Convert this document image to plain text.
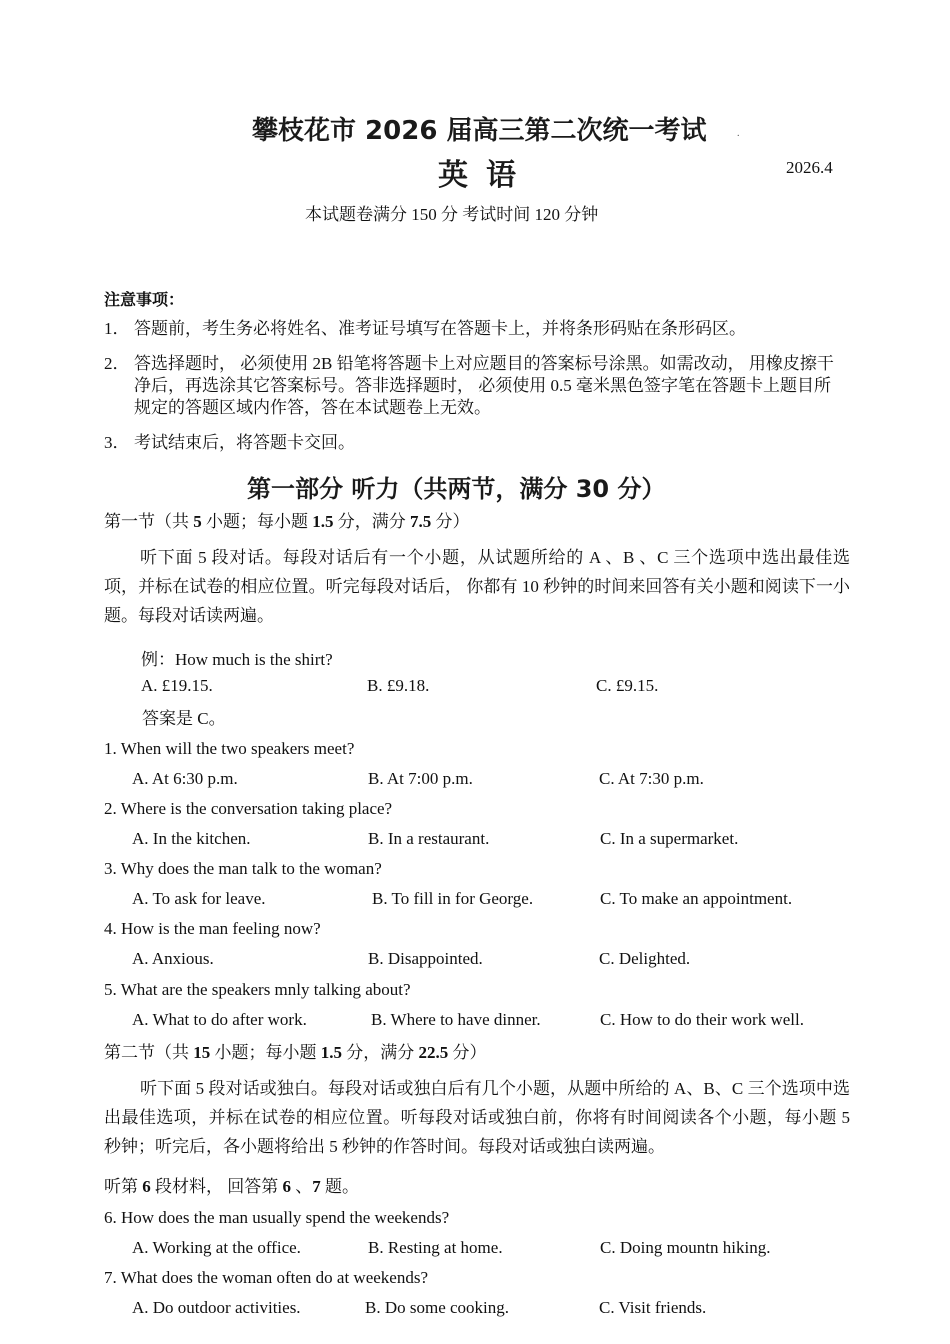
攀枝花市 2026 届高三第二次统一考试	.
英语	2026.4
本试题卷满分 150 分 考试时间 120 分钟
注意事项：
1． 答题前，考生务必将姓名、准考证号填写在答题卡上，并将条形码贴在条形码区。
2． 答选择题时， 必须使用 2B 铅笔将答题卡上对应题目的答案标号涂黑。如需改动， 用橡皮擦干净后，再选涂其它答案标号。答非选择题时， 必须使用 0.5 毫米黑色签字笔在答题卡上题目所规定的答题区域内作答，答在本试题卷上无效。
3． 考试结束后，将答题卡交回。
第一部分 听力（共两节，满分 30 分）
第一节（共 5 小题；每小题 1.5 分，满分 7.5 分）
听下面 5 段对话。每段对话后有一个小题，从试题所给的 A 、B 、C 三个选项中选出最佳选项，并标在试卷的相应位置。听完每段对话后， 你都有 10 秒钟的时间来回答有关小题和阅读下一小题。每段对话读两遍。
例：How much is the shirt?
A. £19.15.	B. £9.18.	C. £9.15.
答案是 C。
1. When will the two speakers meet?
A. At 6:30 p.m.	B. At 7:00 p.m.	C. At 7:30 p.m.
2. Where is the conversation taking place?
A. In the kitchen.	B. In a restaurant.	C. In a supermarket.
3. Why does the man talk to the woman?
A. To ask for leave.	B. To fill in for George.	C. To make an appointment.
4. How is the man feeling now?
A. Anxious.	B. Disappointed.	C. Delighted.
5. What are the speakers mnly talking about?
A. What to do after work.	B. Where to have dinner.	C. How to do their work well.
第二节（共 15 小题；每小题 1.5 分，满分 22.5 分）
听下面 5 段对话或独白。每段对话或独白后有几个小题，从题中所给的 A、B、C 三个选项中选出最佳选项，并标在试卷的相应位置。听每段对话或独白前，你将有时间阅读各个小题，每小题 5 秒钟；听完后，各小题将给出 5 秒钟的作答时间。每段对话或独白读两遍。
听第 6 段材料， 回答第 6 、7 题。
6. How does the man usually spend the weekends?
A. Working at the office.	B. Resting at home.	C. Doing mountn hiking.
7. What does the woman often do at weekends?
A. Do outdoor activities.	B. Do some cooking.	C. Visit friends.
